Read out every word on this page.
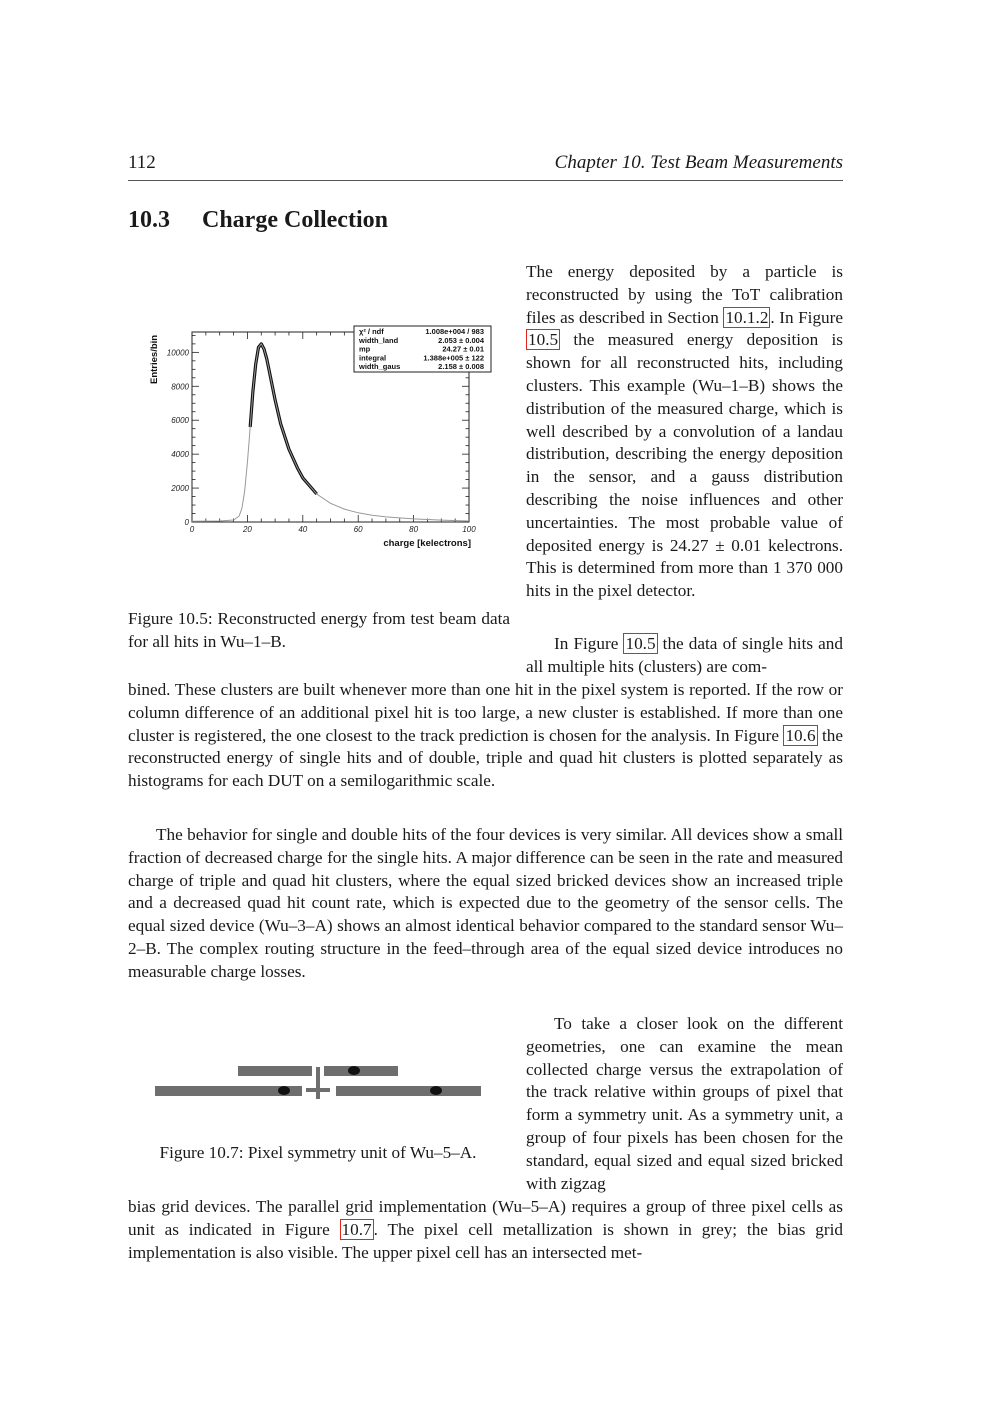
112	Chapter 10. Test Beam Measurements
10.3 Charge Collection
Entries/bin
charge [kelectrons]
0	20	40	60	80	100
0
2000
4000
6000
8000
10000
χ² / ndf	1.008e+004 / 983
width_land	2.053 ± 0.004
mp	24.27 ± 0.01
integral	1.388e+005 ± 122
width_gaus	2.158 ± 0.008
Figure 10.5: Reconstructed energy from test beam data for all hits in Wu–1–B.

The energy deposited by a particle is reconstructed by using the ToT calibration files as described in Section 10.1.2 . In Figure 10.5 the measured energy deposition is shown for all reconstructed hits, including clusters. This example (Wu–1–B) shows the distribution of the measured charge, which is well described by a convolution of a landau distribution, describing the energy deposition in the sensor, and a gauss distribution describing the noise influences and other uncertainties. The most probable value of deposited energy is 24.27 ± 0.01 kelectrons. This is determined from more than 1 370 000 hits in the pixel detector.

In Figure 10.5 the data of single hits and all multiple hits (clusters) are com-

bined. These clusters are built whenever more than one hit in the pixel system is reported. If the row or column difference of an additional pixel hit is too large, a new cluster is established. If more than one cluster is registered, the one closest to the track prediction is chosen for the analysis. In Figure 10.6 the reconstructed energy of single hits and of double, triple and quad hit clusters is plotted separately as histograms for each DUT on a semilogarithmic scale.

The behavior for single and double hits of the four devices is very similar. All devices show a small fraction of decreased charge for the single hits. A major difference can be seen in the rate and measured charge of triple and quad hit clusters, where the equal sized bricked devices show an increased triple and a decreased quad hit count rate, which is expected due to the geometry of the sensor cells. The equal sized device (Wu–3–A) shows an almost identical behavior compared to the standard sensor Wu–2–B. The complex routing structure in the feed–through area of the equal sized device introduces no measurable charge losses.

Figure 10.7: Pixel symmetry unit of Wu–5–A.

To take a closer look on the different geometries, one can examine the mean collected charge versus the extrapolation of the track relative within groups of pixel that form a symmetry unit. As a symmetry unit, a group of four pixels has been chosen for the standard, equal sized and equal sized bricked with zigzag

bias grid devices. The parallel grid implementation (Wu–5–A) requires a group of three pixel cells as unit as indicated in Figure 10.7 . The pixel cell metallization is shown in grey; the bias grid implementation is also visible. The upper pixel cell has an intersected met-
